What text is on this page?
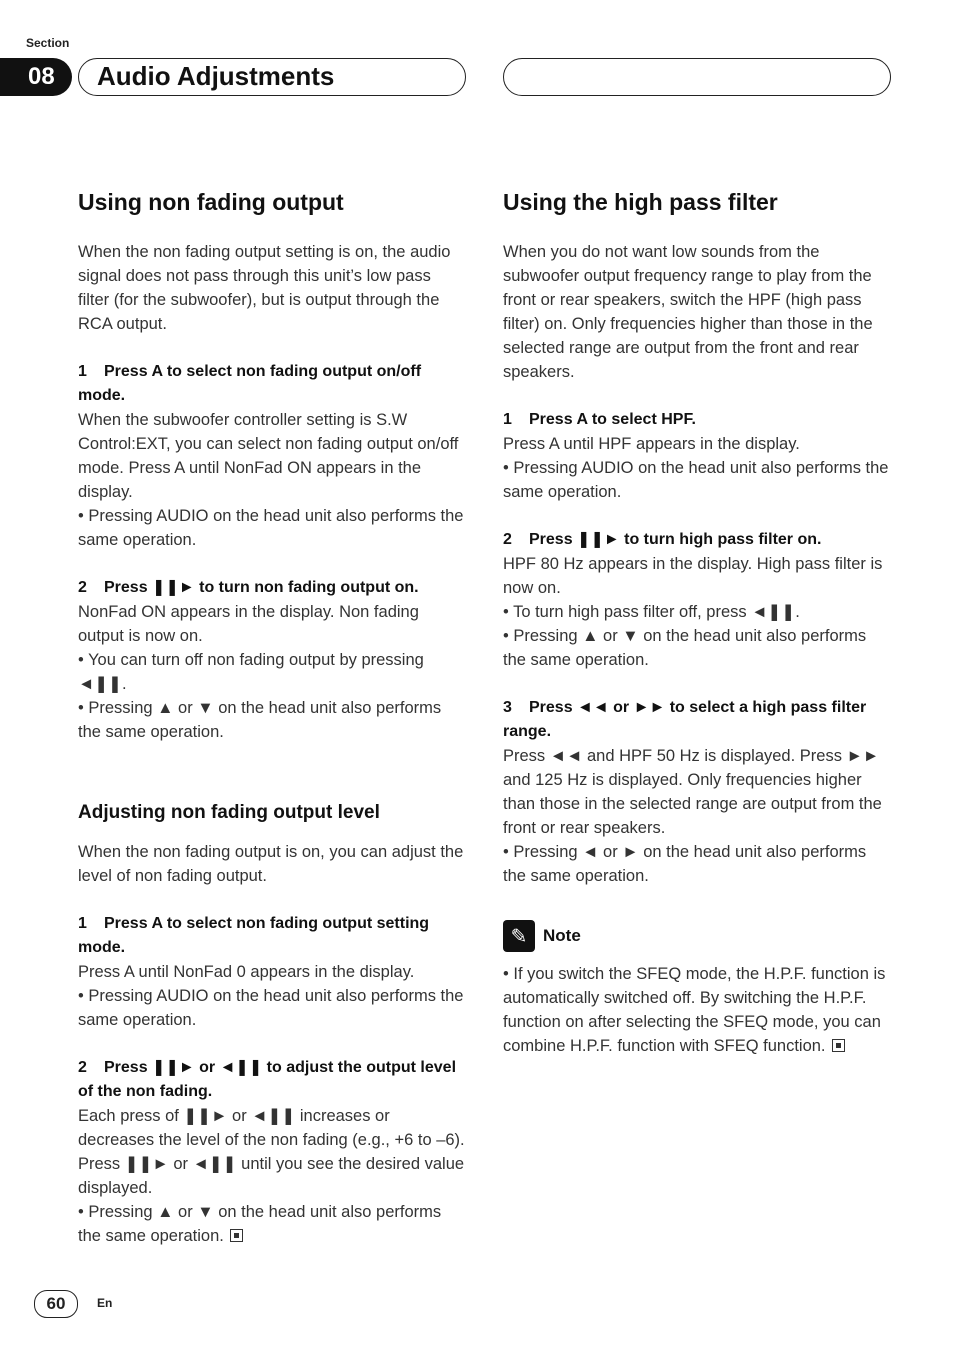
Section
08	Audio Adjustments
Using non fading output

When the non fading output setting is on, the audio signal does not pass through this unit’s low pass filter (for the subwoofer), but is output through the RCA output.

1 Press A to select non fading output on/off mode.

When the subwoofer controller setting is S.W Control:EXT, you can select non fading output on/off mode. Press A until NonFad ON appears in the display.

• Pressing AUDIO on the head unit also performs the same operation.

2 Press ❚❚► to turn non fading output on.

NonFad ON appears in the display. Non fading output is now on.

• You can turn off non fading output by pressing ◄❚❚.

• Pressing ▲ or ▼ on the head unit also performs the same operation.

Adjusting non fading output level

When the non fading output is on, you can adjust the level of non fading output.

1 Press A to select non fading output setting mode.

Press A until NonFad 0 appears in the display.

• Pressing AUDIO on the head unit also performs the same operation.

2 Press ❚❚► or ◄❚❚ to adjust the output level of the non fading.

Each press of ❚❚► or ◄❚❚ increases or decreases the level of the non fading (e.g., +6 to –6).

Press ❚❚► or ◄❚❚ until you see the desired value displayed.

• Pressing ▲ or ▼ on the head unit also performs the same operation.

Using the high pass filter

When you do not want low sounds from the subwoofer output frequency range to play from the front or rear speakers, switch the HPF (high pass filter) on. Only frequencies higher than those in the selected range are output from the front and rear speakers.

1 Press A to select HPF.

Press A until HPF appears in the display.

• Pressing AUDIO on the head unit also performs the same operation.

2 Press ❚❚► to turn high pass filter on.

HPF 80 Hz appears in the display. High pass filter is now on.

• To turn high pass filter off, press ◄❚❚.

• Pressing ▲ or ▼ on the head unit also performs the same operation.

3 Press ◄◄ or ►► to select a high pass filter range.

Press ◄◄ and HPF 50 Hz is displayed. Press ►► and 125 Hz is displayed. Only frequencies higher than those in the selected range are output from the front or rear speakers.

• Pressing ◄ or ► on the head unit also performs the same operation.

✎ Note

• If you switch the SFEQ mode, the H.P.F. function is automatically switched off. By switching the H.P.F. function on after selecting the SFEQ mode, you can combine H.P.F. function with SFEQ function.

60	En
